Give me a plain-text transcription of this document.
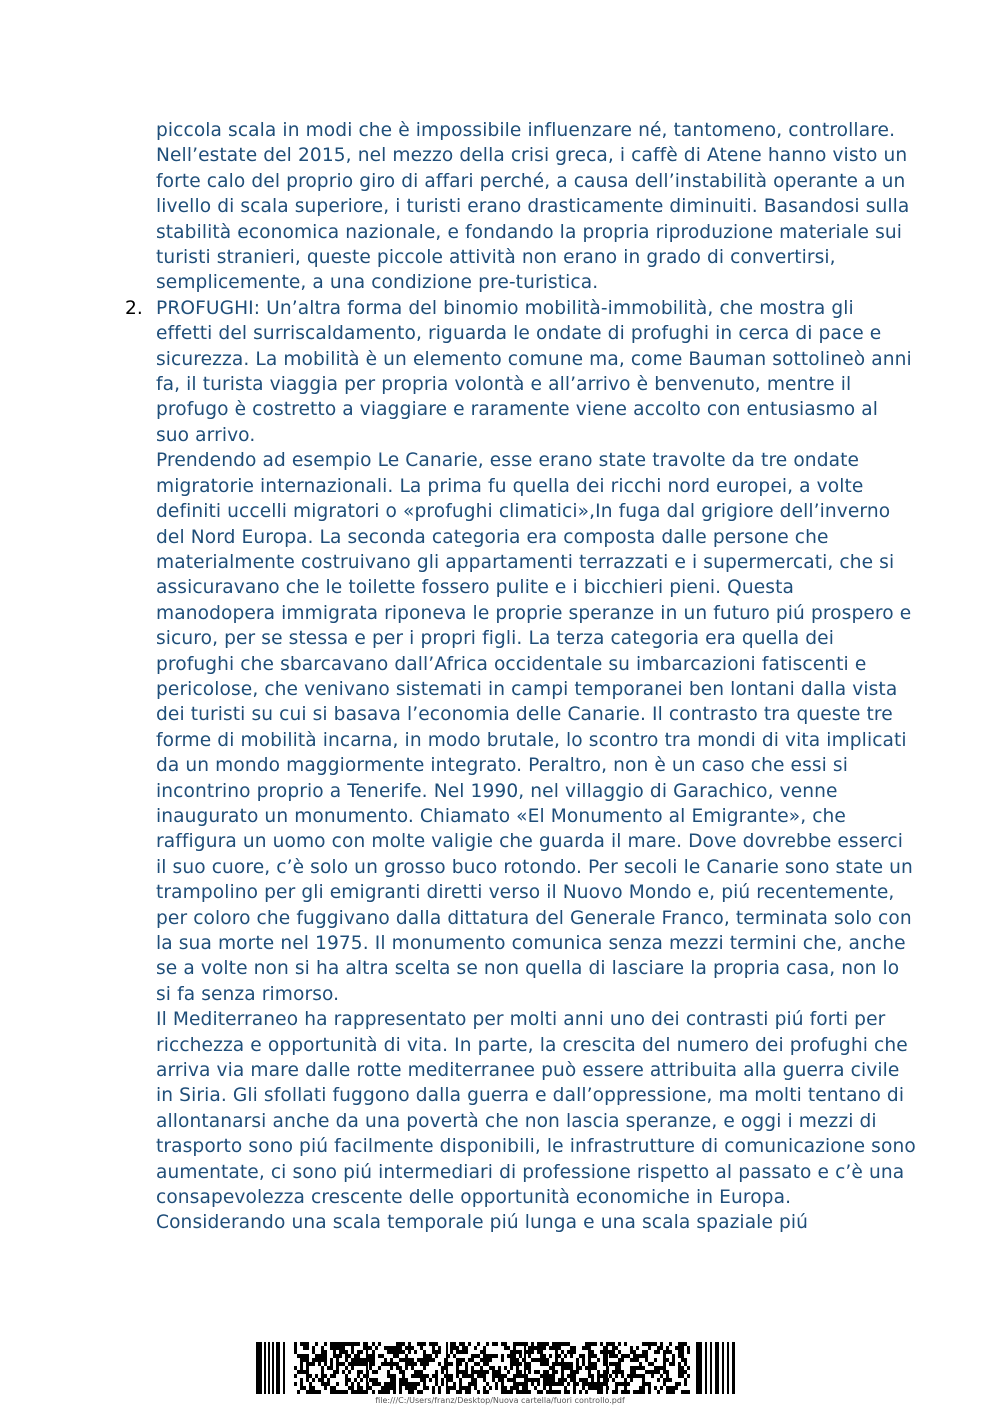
piccola scala in modi che è impossibile influenzare né, tantomeno, controllare. Nell’estate del 2015, nel mezzo della crisi greca, i caffè di Atene hanno visto un forte calo del proprio giro di affari perché, a causa dell’instabilità operante a un livello di scala superiore, i turisti erano drasticamente diminuiti. Basandosi sulla stabilità economica nazionale, e fondando la propria riproduzione materiale sui turisti stranieri, queste piccole attività non erano in grado di convertirsi, semplicemente, a una condizione pre-turistica.

2. PROFUGHI: Un’altra forma del binomio mobilità-immobilità, che mostra gli effetti del surriscaldamento, riguarda le ondate di profughi in cerca di pace e sicurezza. La mobilità è un elemento comune ma, come Bauman sottolineò anni fa, il turista viaggia per propria volontà e all’arrivo è benvenuto, mentre il profugo è costretto a viaggiare e raramente viene accolto con entusiasmo al suo arrivo.

Prendendo ad esempio Le Canarie, esse erano state travolte da tre ondate migratorie internazionali. La prima fu quella dei ricchi nord europei, a volte definiti uccelli migratori o «profughi climatici»,In fuga dal grigiore dell’inverno del Nord Europa. La seconda categoria era composta dalle persone che materialmente costruivano gli appartamenti terrazzati e i supermercati, che si assicuravano che le toilette fossero pulite e i bicchieri pieni. Questa manodopera immigrata riponeva le proprie speranze in un futuro piú prospero e sicuro, per se stessa e per i propri figli. La terza categoria era quella dei profughi che sbarcavano dall’Africa occidentale su imbarcazioni fatiscenti e pericolose, che venivano sistemati in campi temporanei ben lontani dalla vista dei turisti su cui si basava l’economia delle Canarie. Il contrasto tra queste tre forme di mobilità incarna, in modo brutale, lo scontro tra mondi di vita implicati da un mondo maggiormente integrato. Peraltro, non è un caso che essi si incontrino proprio a Tenerife. Nel 1990, nel villaggio di Garachico, venne inaugurato un monumento. Chiamato «El Monumento al Emigrante», che raffigura un uomo con molte valigie che guarda il mare. Dove dovrebbe esserci il suo cuore, c’è solo un grosso buco rotondo. Per secoli le Canarie sono state un trampolino per gli emigranti diretti verso il Nuovo Mondo e, piú recentemente, per coloro che fuggivano dalla dittatura del Generale Franco, terminata solo con la sua morte nel 1975. Il monumento comunica senza mezzi termini che, anche se a volte non si ha altra scelta se non quella di lasciare la propria casa, non lo si fa senza rimorso.

Il Mediterraneo ha rappresentato per molti anni uno dei contrasti piú forti per ricchezza e opportunità di vita. In parte, la crescita del numero dei profughi che arriva via mare dalle rotte mediterranee può essere attribuita alla guerra civile in Siria. Gli sfollati fuggono dalla guerra e dall’oppressione, ma molti tentano di allontanarsi anche da una povertà che non lascia speranze, e oggi i mezzi di trasporto sono piú facilmente disponibili, le infrastrutture di comunicazione sono aumentate, ci sono piú intermediari di professione rispetto al passato e c’è una consapevolezza crescente delle opportunità economiche in Europa. Considerando una scala temporale piú lunga e una scala spaziale piú

file:///C:/Users/franz/Desktop/Nuova cartella/fuori controllo.pdf
